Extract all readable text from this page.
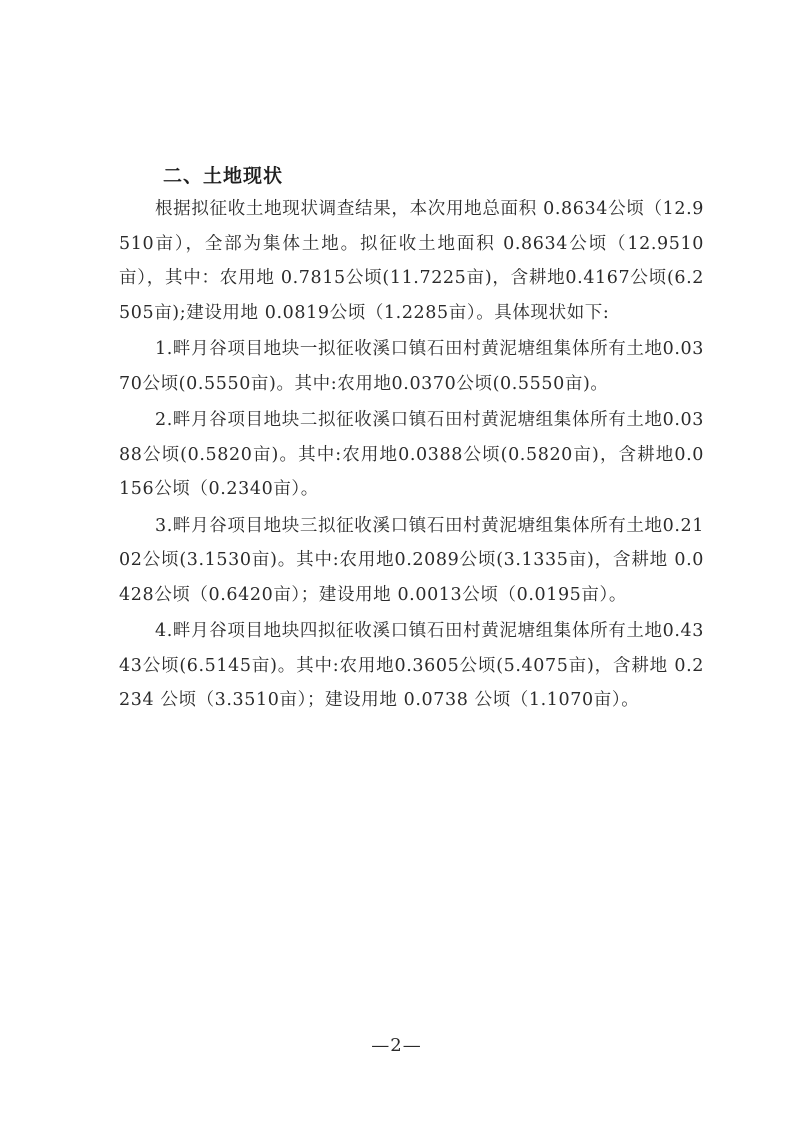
二、土地现状

根据拟征收土地现状调查结果，本次用地总面积 0.8634公顷（12.9510亩），全部为集体土地。拟征收土地面积 0.8634公顷（12.9510亩），其中：农用地 0.7815公顷(11.7225亩)，含耕地0.4167公顷(6.2505亩);建设用地 0.0819公顷（1.2285亩）。具体现状如下:

1.畔月谷项目地块一拟征收溪口镇石田村黄泥塘组集体所有土地0.0370公顷(0.5550亩)。其中:农用地0.0370公顷(0.5550亩)。

2.畔月谷项目地块二拟征收溪口镇石田村黄泥塘组集体所有土地0.0388公顷(0.5820亩)。其中:农用地0.0388公顷(0.5820亩)，含耕地0.0156公顷（0.2340亩）。

3.畔月谷项目地块三拟征收溪口镇石田村黄泥塘组集体所有土地0.2102公顷(3.1530亩)。其中:农用地0.2089公顷(3.1335亩)，含耕地 0.0428公顷（0.6420亩）；建设用地 0.0013公顷（0.0195亩）。

4.畔月谷项目地块四拟征收溪口镇石田村黄泥塘组集体所有土地0.4343公顷(6.5145亩)。其中:农用地0.3605公顷(5.4075亩)，含耕地 0.2234 公顷（3.3510亩）；建设用地 0.0738 公顷（1.1070亩）。

—2—
